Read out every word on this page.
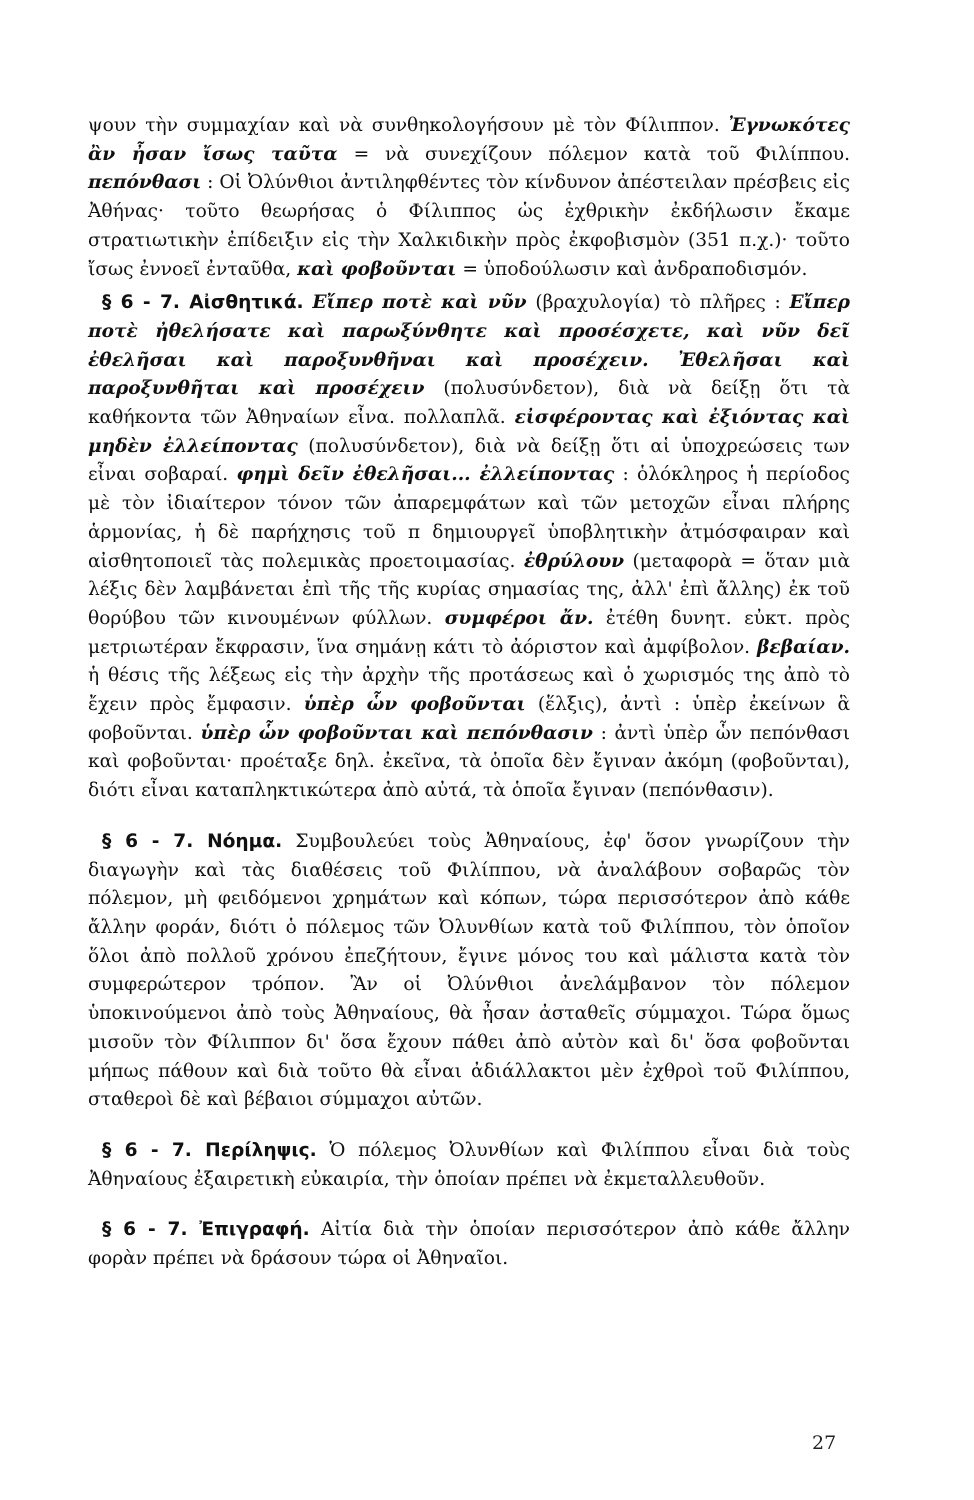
ψουν τὴν συμμαχίαν καὶ νὰ συνθηκολογήσουν μὲ τὸν Φίλιππον. Ἐγνωκότες ἂν ἦσαν ἴσως ταῦτα = νὰ συνεχίζουν πόλεμον κατὰ τοῦ Φιλίππου. πεπόνθασι : Οἱ Ὀλύνθιοι ἀντιληφθέντες τὸν κίνδυνον ἀπέστειλαν πρέσβεις εἰς Ἀθήνας· τοῦτο θεωρήσας ὁ Φίλιππος ὡς ἐχθρικὴν ἐκδήλωσιν ἔκαμε στρατιωτικὴν ἐπίδειξιν εἰς τὴν Χαλκιδικὴν πρὸς ἐκφοβισμὸν (351 π.χ.)· τοῦτο ἴσως ἐννοεῖ ἐνταῦθα, καὶ φοβοῦνται = ὑποδούλωσιν καὶ ἀνδραποδισμόν.

§ 6 - 7. Αἰσθητικά. Εἴπερ ποτὲ καὶ νῦν (βραχυλογία) τὸ πλῆρες : Εἴπερ ποτὲ ἠθελήσατε καὶ παρωξύνθητε καὶ προσέσχετε, καὶ νῦν δεῖ ἐθελῆσαι καὶ παροξυνθῆναι καὶ προσέχειν. Ἐθελῆσαι καὶ παροξυνθῆται καὶ προσέχειν (πολυσύνδετον), διὰ νὰ δείξῃ ὅτι τὰ καθήκοντα τῶν Ἀθηναίων εἶνα. πολλαπλᾶ. εἰσφέροντας καὶ ἐξιόντας καὶ μηδὲν ἐλλείποντας (πολυσύνδετον), διὰ νὰ δείξῃ ὅτι αἱ ὑποχρεώσεις των εἶναι σοβαραί. φημὶ δεῖν ἐθελῆσαι... ἐλλείποντας : ὁλόκληρος ἡ περίοδος μὲ τὸν ἰδιαίτερον τόνον τῶν ἀπαρεμφάτων καὶ τῶν μετοχῶν εἶναι πλήρης ἁρμονίας, ἡ δὲ παρήχησις τοῦ π δημιουργεῖ ὑποβλητικὴν ἀτμόσφαιραν καὶ αἰσθητοποιεῖ τὰς πολεμικὰς προετοιμασίας. ἐθρύλουν (μεταφορὰ = ὅταν μιὰ λέξις δὲν λαμβάνεται ἐπὶ τῆς τῆς κυρίας σημασίας της, ἀλλ' ἐπὶ ἄλλης) ἐκ τοῦ θορύβου τῶν κινουμένων φύλλων. συμφέροι ἄν. ἐτέθη δυνητ. εὐκτ. πρὸς μετριωτέραν ἔκφρασιν, ἵνα σημάνῃ κάτι τὸ ἀόριστον καὶ ἀμφίβολον. βεβαίαν. ἡ θέσις τῆς λέξεως εἰς τὴν ἀρχὴν τῆς προτάσεως καὶ ὁ χωρισμός της ἀπὸ τὸ ἔχειν πρὸς ἔμφασιν. ὑπὲρ ὧν φοβοῦνται (ἕλξις), ἀντὶ : ὑπὲρ ἐκείνων ἃ φοβοῦνται. ὑπὲρ ὧν φοβοῦνται καὶ πεπόνθασιν : ἀντὶ ὑπὲρ ὧν πεπόνθασι καὶ φοβοῦνται· προέταξε δηλ. ἐκεῖνα, τὰ ὁποῖα δὲν ἔγιναν ἀκόμη (φοβοῦνται), διότι εἶναι καταπληκτικώτερα ἀπὸ αὐτά, τὰ ὁποῖα ἔγιναν (πεπόνθασιν).

§ 6 - 7. Νόημα. Συμβουλεύει τοὺς Ἀθηναίους, ἐφ' ὅσον γνωρίζουν τὴν διαγωγὴν καὶ τὰς διαθέσεις τοῦ Φιλίππου, νὰ ἀναλάβουν σοβαρῶς τὸν πόλεμον, μὴ φειδόμενοι χρημάτων καὶ κόπων, τώρα περισσότερον ἀπὸ κάθε ἄλλην φοράν, διότι ὁ πόλεμος τῶν Ὀλυνθίων κατὰ τοῦ Φιλίππου, τὸν ὁποῖον ὅλοι ἀπὸ πολλοῦ χρόνου ἐπεζήτουν, ἔγινε μόνος του καὶ μάλιστα κατὰ τὸν συμφερώτερον τρόπον. Ἂν οἱ Ὀλύνθιοι ἀνελάμβανον τὸν πόλεμον ὑποκινούμενοι ἀπὸ τοὺς Ἀθηναίους, θὰ ἦσαν ἀσταθεῖς σύμμαχοι. Τώρα ὅμως μισοῦν τὸν Φίλιππον δι' ὅσα ἔχουν πάθει ἀπὸ αὐτὸν καὶ δι' ὅσα φοβοῦνται μήπως πάθουν καὶ διὰ τοῦτο θὰ εἶναι ἀδιάλλακτοι μὲν ἐχθροὶ τοῦ Φιλίππου, σταθεροὶ δὲ καὶ βέβαιοι σύμμαχοι αὐτῶν.

§ 6 - 7. Περίληψις. Ὁ πόλεμος Ὀλυνθίων καὶ Φιλίππου εἶναι διὰ τοὺς Ἀθηναίους ἐξαιρετικὴ εὐκαιρία, τὴν ὁποίαν πρέπει νὰ ἐκμεταλλευθοῦν.

§ 6 - 7. Ἐπιγραφή. Αἰτία διὰ τὴν ὁποίαν περισσότερον ἀπὸ κάθε ἄλλην φορὰν πρέπει νὰ δράσουν τώρα οἱ Ἀθηναῖοι.

27
